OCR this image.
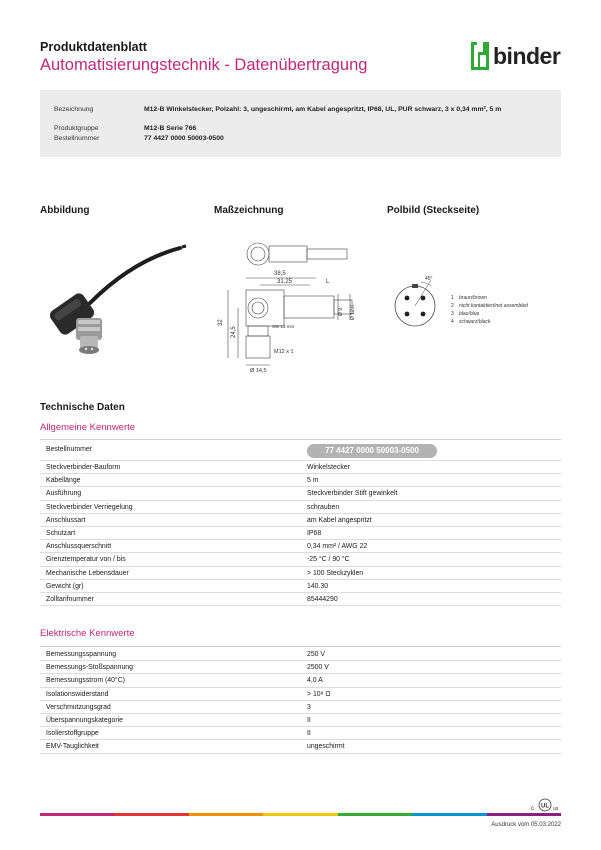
Produktdatenblatt
Automatisierungstechnik - Datenübertragung	binder
Bezeichnung	M12-B Winkelstecker, Polzahl: 3, ungeschirmt, am Kabel angespritzt, IP68, UL, PUR schwarz, 3 x 0,34 mm², 5 m
Produktgruppe	M12-B Serie 766
Bestellnummer	77 4427 0000 50003-0500
Abbildung	Maßzeichnung	Polbild (Steckseite)
38,5
31,25	L
32
24,5
Ø 9 Ø 12,6
SW 13 mm
M12 x 1
Ø 14,5
45°
1 braun/brown
2 nicht kontaktiert/not assembled
3 blau/blue
4 schwarz/black
Technische Daten
Allgemeine Kennwerte
Bestellnummer	77 4427 0000 50003-0500
Steckverbinder-Bauform	Winkelstecker
Kabellänge	5 m
Ausführung	Steckverbinder Stift gewinkelt
Steckverbinder Verriegelung	schrauben
Anschlussart	am Kabel angespritzt
Schutzart	IP68
Anschlussquerschnitt	0,34 mm² / AWG 22
Grenztemperatur von / bis	-25 °C / 90 °C
Mechanische Lebensdauer	> 100 Steckzyklen
Gewicht (gr)	140.30
Zolltarifnummer	85444290
Elektrische Kennwerte
Bemessungsspannung	250 V
Bemessungs-Stoßspannung	2500 V
Bemessungsstrom (40°C)	4,0 A
Isolationswiderstand	> 10⁸ Ω
Verschmutzungsgrad	3
Überspannungskategorie	II
Isolierstoffgruppe	II
EMV-Tauglichkeit	ungeschirmt
UL
c	us
Ausdruck vom 05.03.2022
